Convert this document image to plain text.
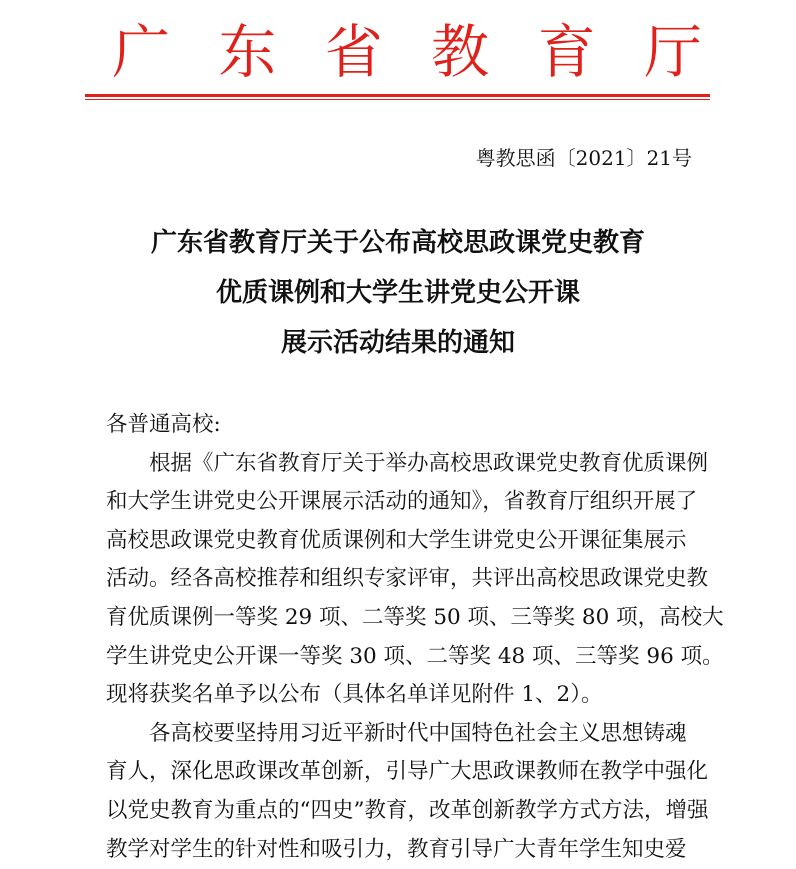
广 东 省 教 育 厅
粤教思函〔2021〕21号
广东省教育厅关于公布高校思政课党史教育
优质课例和大学生讲党史公开课
展示活动结果的通知
各普通高校:
　　根据《广东省教育厅关于举办高校思政课党史教育优质课例
和大学生讲党史公开课展示活动的通知》，省教育厅组织开展了
高校思政课党史教育优质课例和大学生讲党史公开课征集展示
活动。经各高校推荐和组织专家评审，共评出高校思政课党史教
育优质课例一等奖 29 项、二等奖 50 项、三等奖 80 项，高校大
学生讲党史公开课一等奖 30 项、二等奖 48 项、三等奖 96 项。
现将获奖名单予以公布（具体名单详见附件 1、2）。
　　各高校要坚持用习近平新时代中国特色社会主义思想铸魂
育人，深化思政课改革创新，引导广大思政课教师在教学中强化
以党史教育为重点的“四史”教育，改革创新教学方式方法，增强
教学对学生的针对性和吸引力，教育引导广大青年学生知史爱
